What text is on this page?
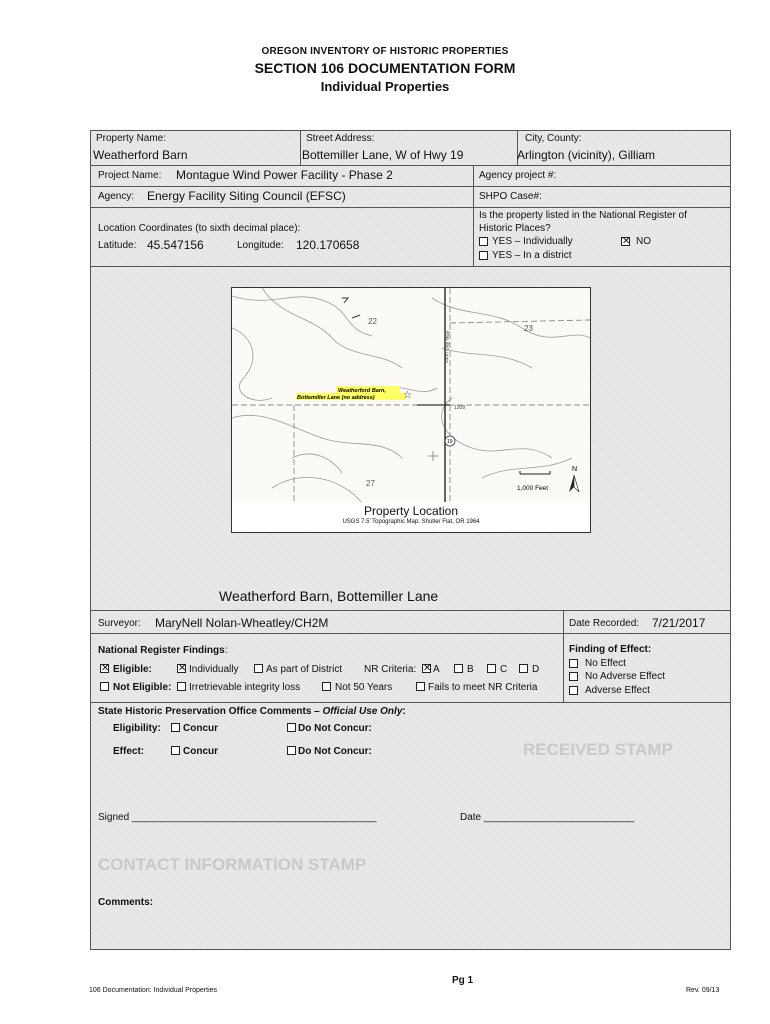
OREGON INVENTORY OF HISTORIC PROPERTIES
SECTION 106 DOCUMENTATION FORM
Individual Properties
Property Name:
Weatherford Barn
Street Address:
Bottemiller Lane, W of Hwy 19
City, County:
Arlington (vicinity), Gilliam
Project Name: Montague Wind Power Facility - Phase 2	Agency project #:
Agency: Energy Facility Siting Council (EFSC)	SHPO Case#:
Location Coordinates (to sixth decimal place):
Latitude: 45.547156	Longitude: 120.170658
Is the property listed in the National Register of
Historic Places?
YES – Individually	✕ NO
YES – In a district
Weatherford Barn, Bottemiller Lane
Surveyor: MaryNell Nolan-Wheatley/CH2M	Date Recorded: 7/21/2017
National Register Findings:
✕ Eligible:	✕ Individually	As part of District NR Criteria: ✕ A	B	C D
Not Eligible: Irretrievable integrity loss	Not 50 Years	Fails to meet NR Criteria
Finding of Effect:
No Effect
No Adverse Effect
Adverse Effect
State Historic Preservation Office Comments – Official Use Only:
Eligibility: Concur	Do Not Concur:
Effect:	Concur	Do Not Concur:	RECEIVED STAMP
Signed ____________________________________________	Date ___________________________
CONTACT INFORMATION STAMP
Comments:
John Day Hwy
1308
22
23
27
19
Weatherford Barn,
Bottemiller Lane (no address)	☆
1,000 Feet
N
Property Location
USGS 7.5' Topographic Map: Shutler Flat, OR 1964
Pg 1
106 Documentation: Individual Properties	Rev. 09/13
